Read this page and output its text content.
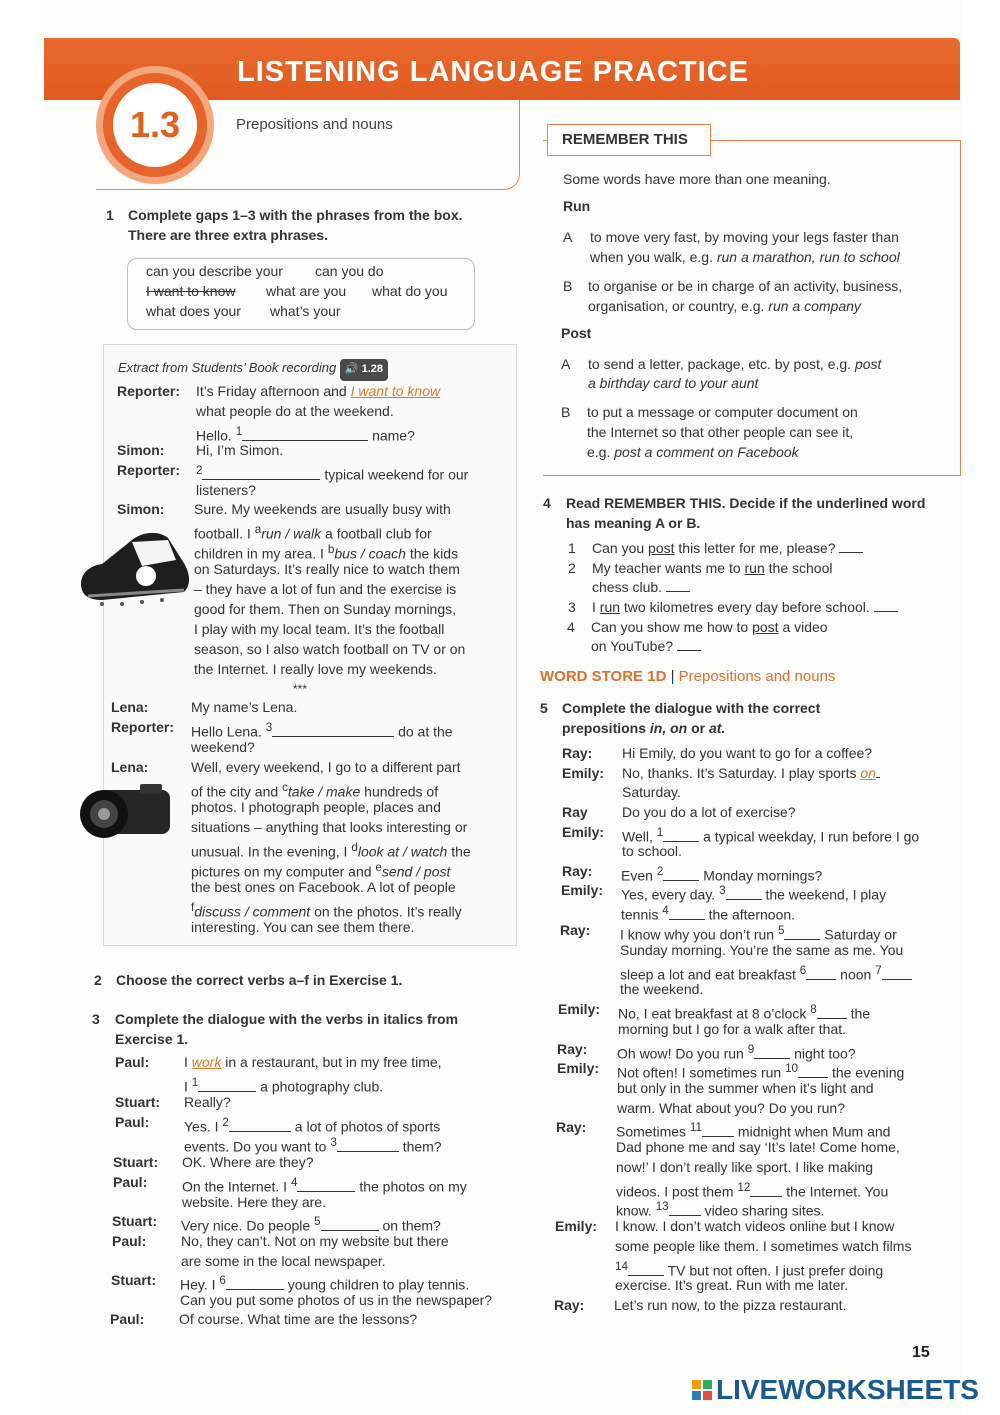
1.3
LISTENING LANGUAGE PRACTICE
Prepositions and nouns
1 Complete gaps 1–3 with the phrases from the box.
There are three extra phrases.
can you describe your can you do
I want to know what are you what do you
what does your what’s your
Extract from Students’ Book recording 🔊 1.28
Reporter: It’s Friday afternoon and I want to know
what people do at the weekend.
Hello. $^1$	name?
Simon: Hi, I’m Simon.
Reporter: $^2$	typical weekend for our
listeners?
Simon: Sure. My weekends are usually busy with
football. I $^a$run / walk a football club for
children in my area. I $^b$bus / coach the kids
on Saturdays. It’s really nice to watch them
– they have a lot of fun and the exercise is
good for them. Then on Sunday mornings,
I play with my local team. It’s the football
season, so I also watch football on TV or on
the Internet. I really love my weekends.
***
Lena:	My name’s Lena.
Reporter: Hello Lena. $^3$	do at the
weekend?
Lena:	Well, every weekend, I go to a different part
of the city and $^c$take / make hundreds of
photos. I photograph people, places and
situations – anything that looks interesting or
unusual. In the evening, I $^d$look at / watch the
pictures on my computer and $^e$send / post
the best ones on Facebook. A lot of people
$^f$discuss / comment on the photos. It’s really
interesting. You can see them there.
2 Choose the correct verbs a–f in Exercise 1.
3 Complete the dialogue with the verbs in italics from
Exercise 1.
Paul: I work in a restaurant, but in my free time,
I $^1$	a photography club.
Stuart: Really?
Paul: Yes. I $^2$	a lot of photos of sports
events. Do you want to $^3$	them?
Stuart: OK. Where are they?
Paul: On the Internet. I $^4$	the photos on my
website. Here they are.
Stuart: Very nice. Do people $^5$	on them?
Paul: No, they can’t. Not on my website but there
are some in the local newspaper.
Stuart: Hey. I $^6$	young children to play tennis.
Can you put some photos of us in the newspaper?
Paul: Of course. What time are the lessons?
REMEMBER THIS
Some words have more than one meaning.
Run
A to move very fast, by moving your legs faster than
when you walk, e.g. run a marathon, run to school
B to organise or be in charge of an activity, business,
organisation, or country, e.g. run a company
Post
A to send a letter, package, etc. by post, e.g. post
a birthday card to your aunt
B to put a message or computer document on
the Internet so that other people can see it,
e.g. post a comment on Facebook
4 Read REMEMBER THIS. Decide if the underlined word
has meaning A or B.
1 Can you post this letter for me, please?
2 My teacher wants me to run the school
chess club.
3 I run two kilometres every day before school.
4 Can you show me how to post a video
on YouTube?
WORD STORE 1D | Prepositions and nouns
5 Complete the dialogue with the correct
prepositions in, on or at.
Ray: Hi Emily, do you want to go for a coffee?
Emily: No, thanks. It’s Saturday. I play sports on
Saturday.
Ray Do you do a lot of exercise?
Emily: Well, $^1$	a typical weekday, I run before I go
to school.
Ray: Even $^2$	Monday mornings?
Emily: Yes, every day. $^3$	the weekend, I play
tennis $^4$	the afternoon.
Ray: I know why you don’t run $^5$	Saturday or
Sunday morning. You’re the same as me. You
sleep a lot and eat breakfast $^6$ noon $^7$
the weekend.
Emily: No, I eat breakfast at 8 o’clock $^8$ the
morning but I go for a walk after that.
Ray: Oh wow! Do you run $^9$	night too?
Emily: Not often! I sometimes run $^{10}$ the evening
but only in the summer when it’s light and
warm. What about you? Do you run?
Ray: Sometimes $^{11}$	midnight when Mum and
Dad phone me and say ‘It’s late! Come home,
now!’ I don’t really like sport. I like making
videos. I post them $^{12}$	the Internet. You
know. $^{13}$	video sharing sites.
Emily: I know. I don’t watch videos online but I know
some people like them. I sometimes watch films
$^{14}$	TV but not often. I just prefer doing
exercise. It’s great. Run with me later.
Ray: Let’s run now, to the pizza restaurant.
15
LIVEWORKSHEETS
